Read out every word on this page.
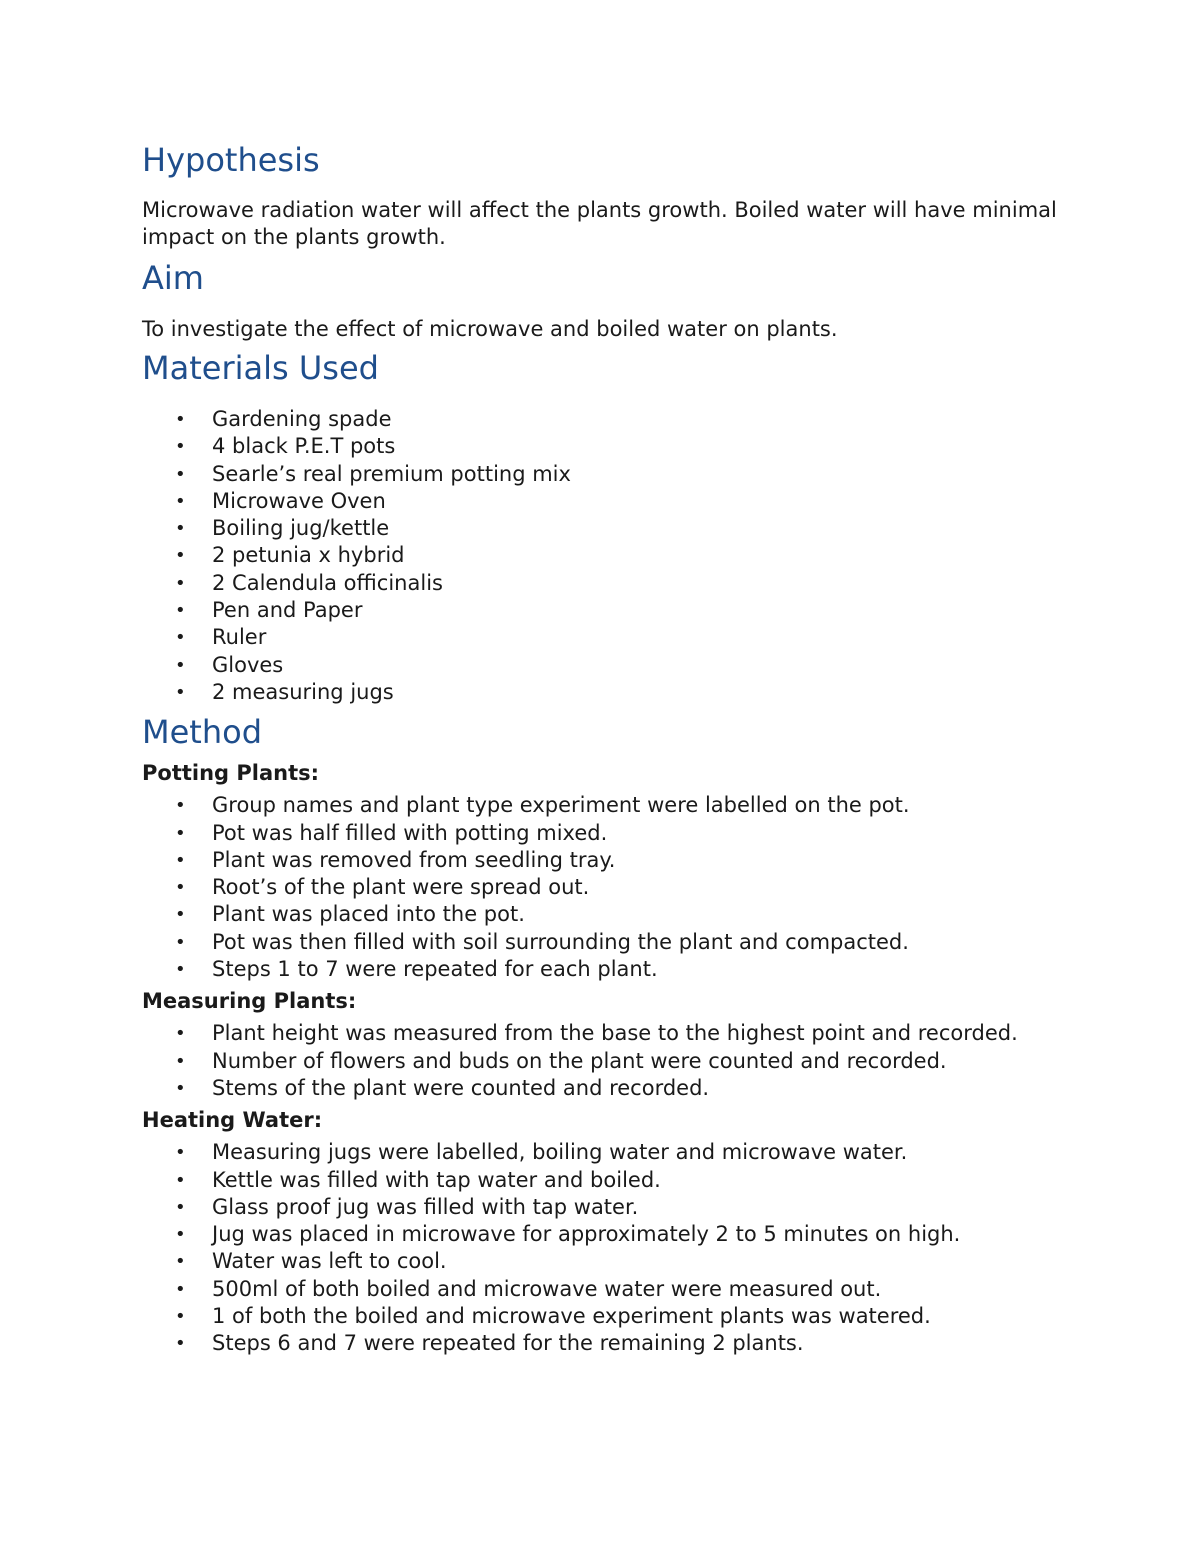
Hypothesis

Microwave radiation water will affect the plants growth. Boiled water will have minimal impact on the plants growth.

Aim

To investigate the effect of microwave and boiled water on plants.

Materials Used
• Gardening spade
• 4 black P.E.T pots
• Searle’s real premium potting mix
• Microwave Oven
• Boiling jug/kettle
• 2 petunia x hybrid
• 2 Calendula officinalis
• Pen and Paper
• Ruler
• Gloves
• 2 measuring jugs
Method

Potting Plants:

• Group names and plant type experiment were labelled on the pot.
• Pot was half filled with potting mixed.
• Plant was removed from seedling tray.
• Root’s of the plant were spread out.
• Plant was placed into the pot.
• Pot was then filled with soil surrounding the plant and compacted.
• Steps 1 to 7 were repeated for each plant.

Measuring Plants:

• Plant height was measured from the base to the highest point and recorded.
• Number of flowers and buds on the plant were counted and recorded.
• Stems of the plant were counted and recorded.

Heating Water:

• Measuring jugs were labelled, boiling water and microwave water.
• Kettle was filled with tap water and boiled.
• Glass proof jug was filled with tap water.
• Jug was placed in microwave for approximately 2 to 5 minutes on high.
• Water was left to cool.
• 500ml of both boiled and microwave water were measured out.
• 1 of both the boiled and microwave experiment plants was watered.
• Steps 6 and 7 were repeated for the remaining 2 plants.
